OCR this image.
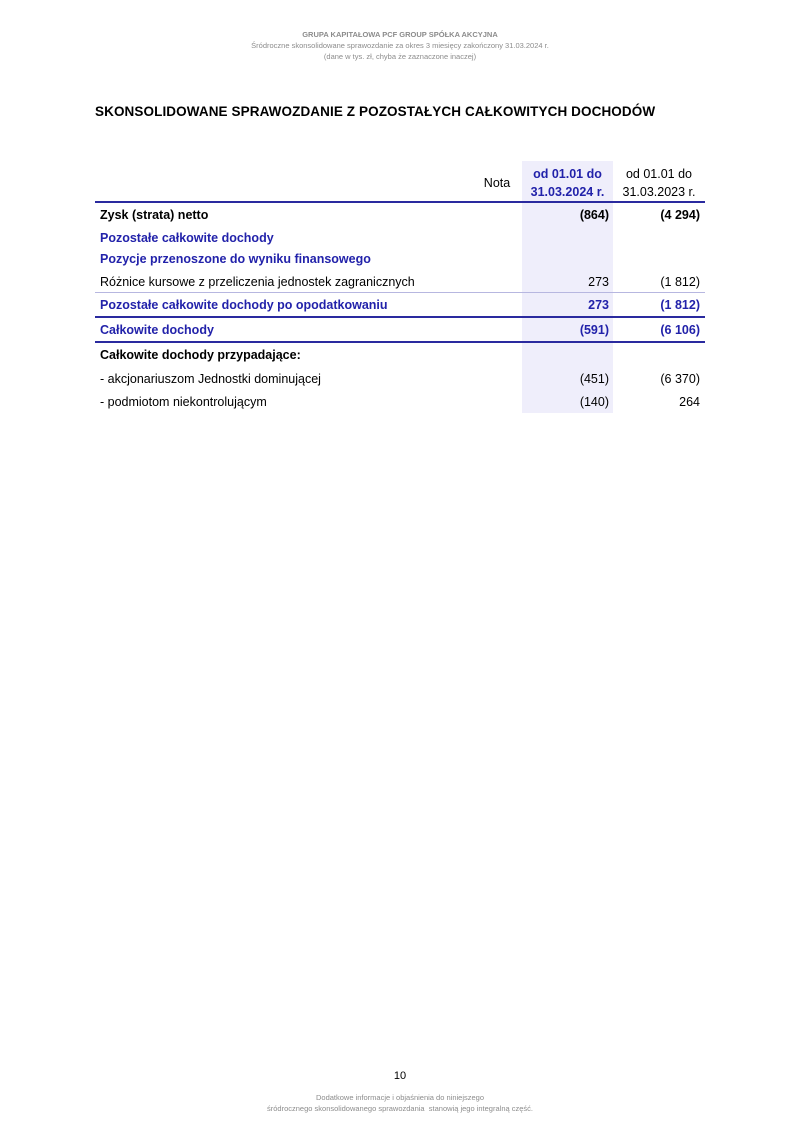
GRUPA KAPITAŁOWA PCF GROUP SPÓŁKA AKCYJNA
Śródroczne skonsolidowane sprawozdanie za okres 3 miesięcy zakończony 31.03.2024 r.
(dane w tys. zł, chyba że zaznaczone inaczej)
SKONSOLIDOWANE SPRAWOZDANIE Z POZOSTAŁYCH CAŁKOWITYCH DOCHODÓW
Nota
od 01.01 do
31.03.2024 r.
od 01.01 do
31.03.2023 r.
Zysk (strata) netto	(864)	(4 294)
Pozostałe całkowite dochody
Pozycje przenoszone do wyniku finansowego
Różnice kursowe z przeliczenia jednostek zagranicznych	273	(1 812)
Pozostałe całkowite dochody po opodatkowaniu	273	(1 812)
Całkowite dochody	(591)	(6 106)
Całkowite dochody przypadające:
- akcjonariuszom Jednostki dominującej	(451)	(6 370)
- podmiotom niekontrolującym	(140)	264
10
Dodatkowe informacje i objaśnienia do niniejszego
śródrocznego skonsolidowanego sprawozdania  stanowią jego integralną część.
